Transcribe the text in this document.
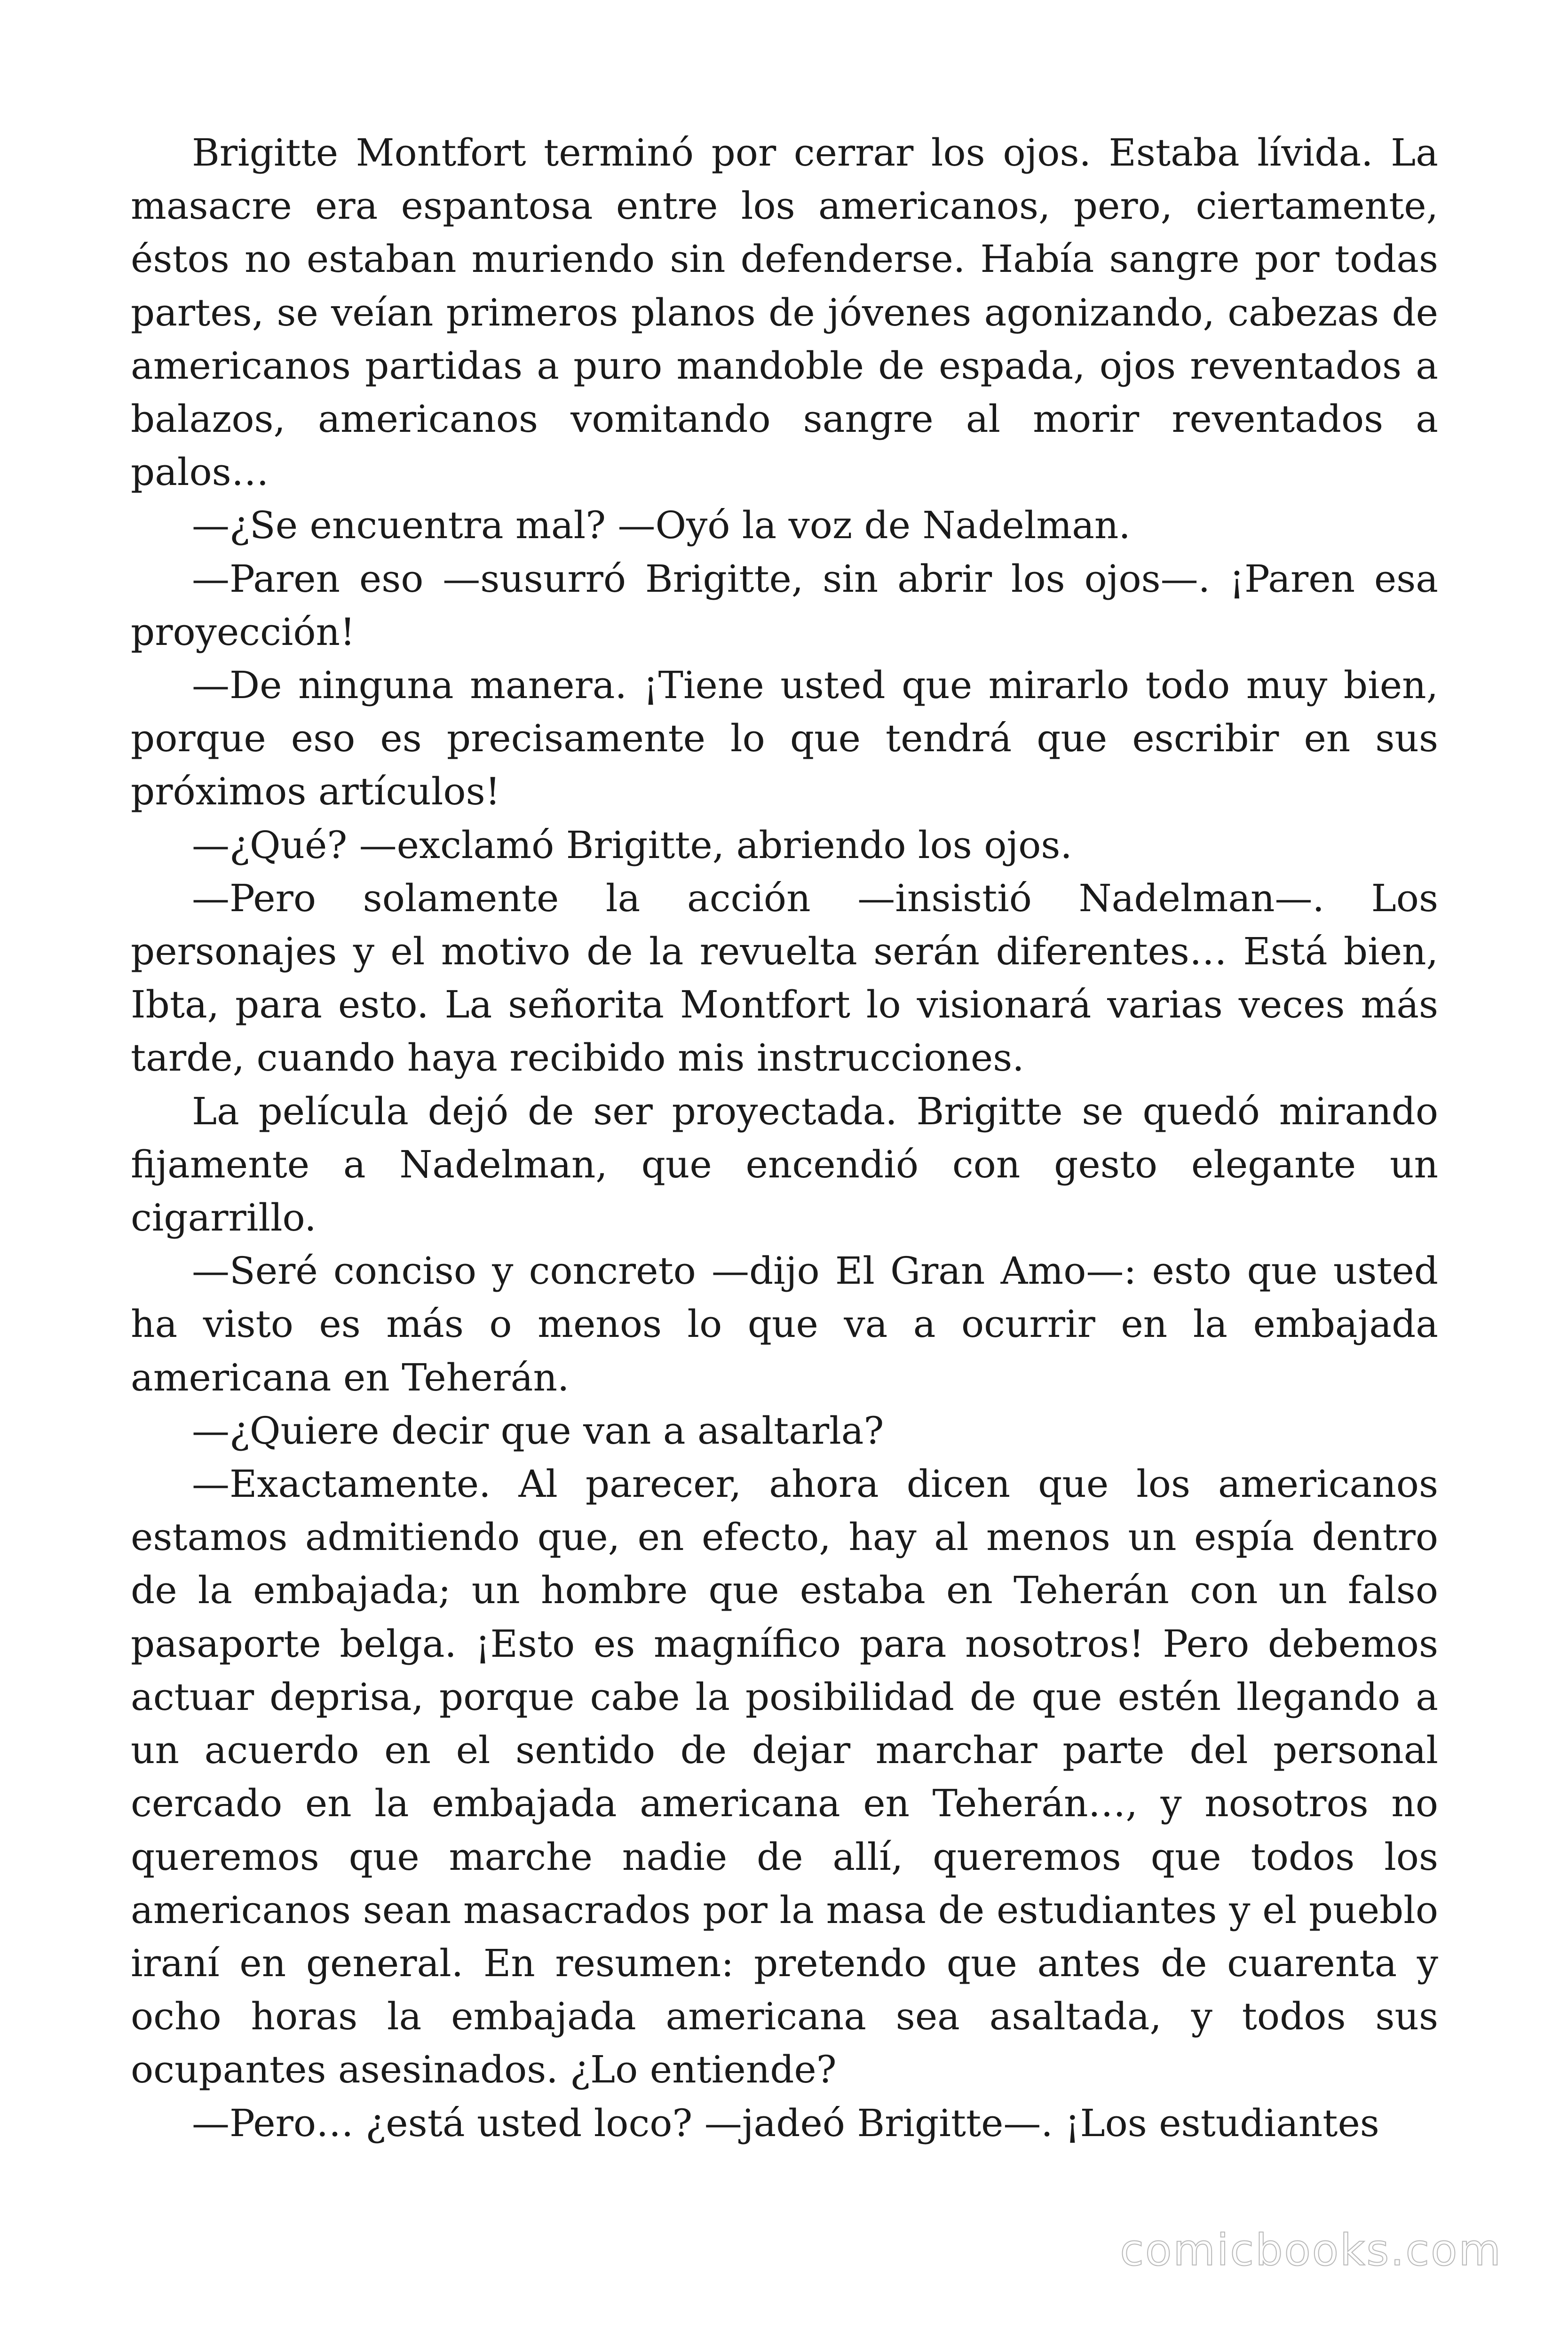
Brigitte Montfort terminó por cerrar los ojos. Estaba lívida. La masacre era espantosa entre los americanos, pero, ciertamente, éstos no estaban muriendo sin defenderse. Había sangre por todas partes, se veían primeros planos de jóvenes agonizando, cabezas de americanos partidas a puro mandoble de espada, ojos reventados a balazos, americanos vomitando sangre al morir reventados a palos…

—¿Se encuentra mal? —Oyó la voz de Nadelman.

—Paren eso —susurró Brigitte, sin abrir los ojos—. ¡Paren esa proyección!

—De ninguna manera. ¡Tiene usted que mirarlo todo muy bien, porque eso es precisamente lo que tendrá que escribir en sus próximos artículos!

—¿Qué? —exclamó Brigitte, abriendo los ojos.

—Pero solamente la acción —insistió Nadelman—. Los personajes y el motivo de la revuelta serán diferentes… Está bien, Ibta, para esto. La señorita Montfort lo visionará varias veces más tarde, cuando haya recibido mis instrucciones.

La película dejó de ser proyectada. Brigitte se quedó mirando fijamente a Nadelman, que encendió con gesto elegante un cigarrillo.

—Seré conciso y concreto —dijo El Gran Amo—: esto que usted ha visto es más o menos lo que va a ocurrir en la embajada americana en Teherán.

—¿Quiere decir que van a asaltarla?

—Exactamente. Al parecer, ahora dicen que los americanos estamos admitiendo que, en efecto, hay al menos un espía dentro de la embajada; un hombre que estaba en Teherán con un falso pasaporte belga. ¡Esto es magnífico para nosotros! Pero debemos actuar deprisa, porque cabe la posibilidad de que estén llegando a un acuerdo en el sentido de dejar marchar parte del personal cercado en la embajada americana en Teherán…, y nosotros no queremos que marche nadie de allí, queremos que todos los americanos sean masacrados por la masa de estudiantes y el pueblo iraní en general. En resumen: pretendo que antes de cuarenta y ocho horas la embajada americana sea asaltada, y todos sus ocupantes asesinados. ¿Lo entiende?

—Pero… ¿está usted loco? —jadeó Brigitte—. ¡Los estudiantes

comicbooks.com
